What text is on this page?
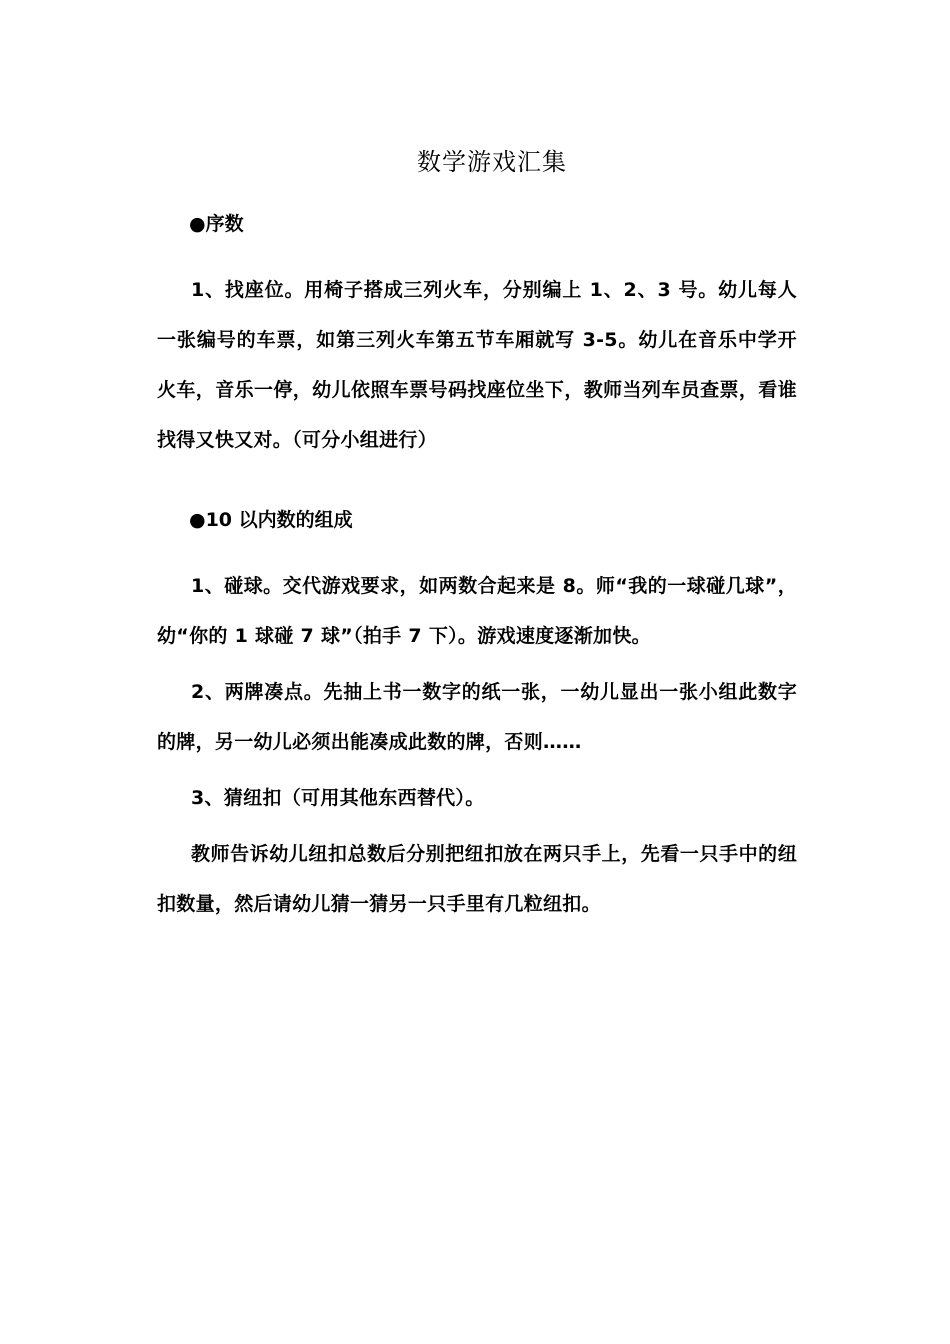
数学游戏汇集

●序数

1、找座位。用椅子搭成三列火车，分别编上 1、2、3 号。幼儿每人一张编号的车票，如第三列火车第五节车厢就写 3-5。幼儿在音乐中学开火车，音乐一停，幼儿依照车票号码找座位坐下，教师当列车员查票，看谁找得又快又对。（可分小组进行）

●10 以内数的组成

1、碰球。交代游戏要求，如两数合起来是 8。师“我的一球碰几球”，幼“你的 1 球碰 7 球”（拍手 7 下）。游戏速度逐渐加快。

2、两牌凑点。先抽上书一数字的纸一张，一幼儿显出一张小组此数字的牌，另一幼儿必须出能凑成此数的牌，否则……

3、猜纽扣（可用其他东西替代）。

教师告诉幼儿纽扣总数后分别把纽扣放在两只手上，先看一只手中的纽扣数量，然后请幼儿猜一猜另一只手里有几粒纽扣。
